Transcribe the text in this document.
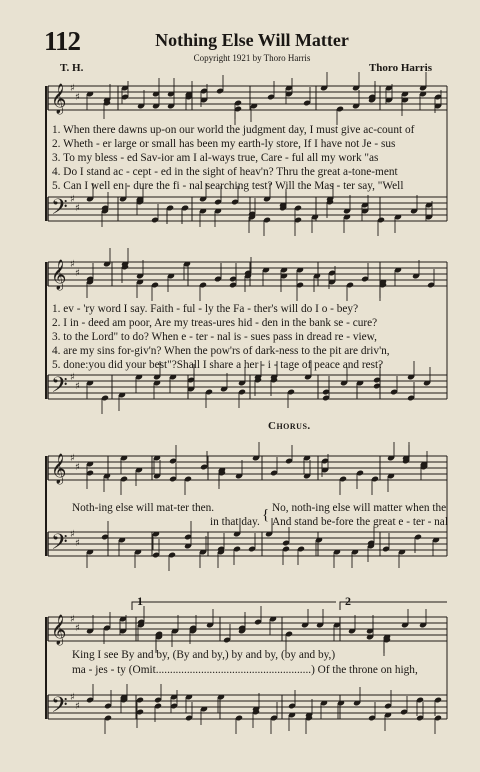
112	Nothing Else Will Matter
Copyright 1921 by Thoro Harris
T. H.	Thoro Harris
𝄞 ♯
♯
𝄢 ♯
♯
𝄞 ♯
♯
𝄢 ♯
♯
𝄞 ♯
♯
𝄢 ♯
♯
𝄞 ♯
♯
𝄢 ♯
♯
1. When there dawns up-on our world the judgment day, I must give ac-count of
2. Wheth - er large or small has been my earth-ly store, If I have not Je - sus
3. To my bless - ed Sav-ior am I al-ways true, Care - ful all my work "as
4. Do I stand ac - cept - ed in the sight of heav'n? Thru the great a-tone-ment
5. Can I well en - dure the fi - nal searching test? Will the Mas - ter say, "Well
1. ev - 'ry word I say. Faith - ful - ly the Fa - ther's will do I o - bey?
2. I in - deed am poor, Are my treas-ures hid - den in the bank se - cure?
3. to the Lord" to do? When e - ter - nal is - sues pass in dread re - view,
4. are my sins for-giv'n? When the pow'rs of dark-ness to the pit are driv'n,
5. done:you did your best"?Shall I share a her - i - tage of peace and rest?
Chorus.
Noth-ing else will mat-ter then.
in that day. { No, noth-ing else will matter when the
And stand be-fore the great e - ter - nal
1	2
King I see By and by, (By and by,) by and by, (by and by,)
ma - jes - ty (Omit.......................................................) Of the throne on high,
